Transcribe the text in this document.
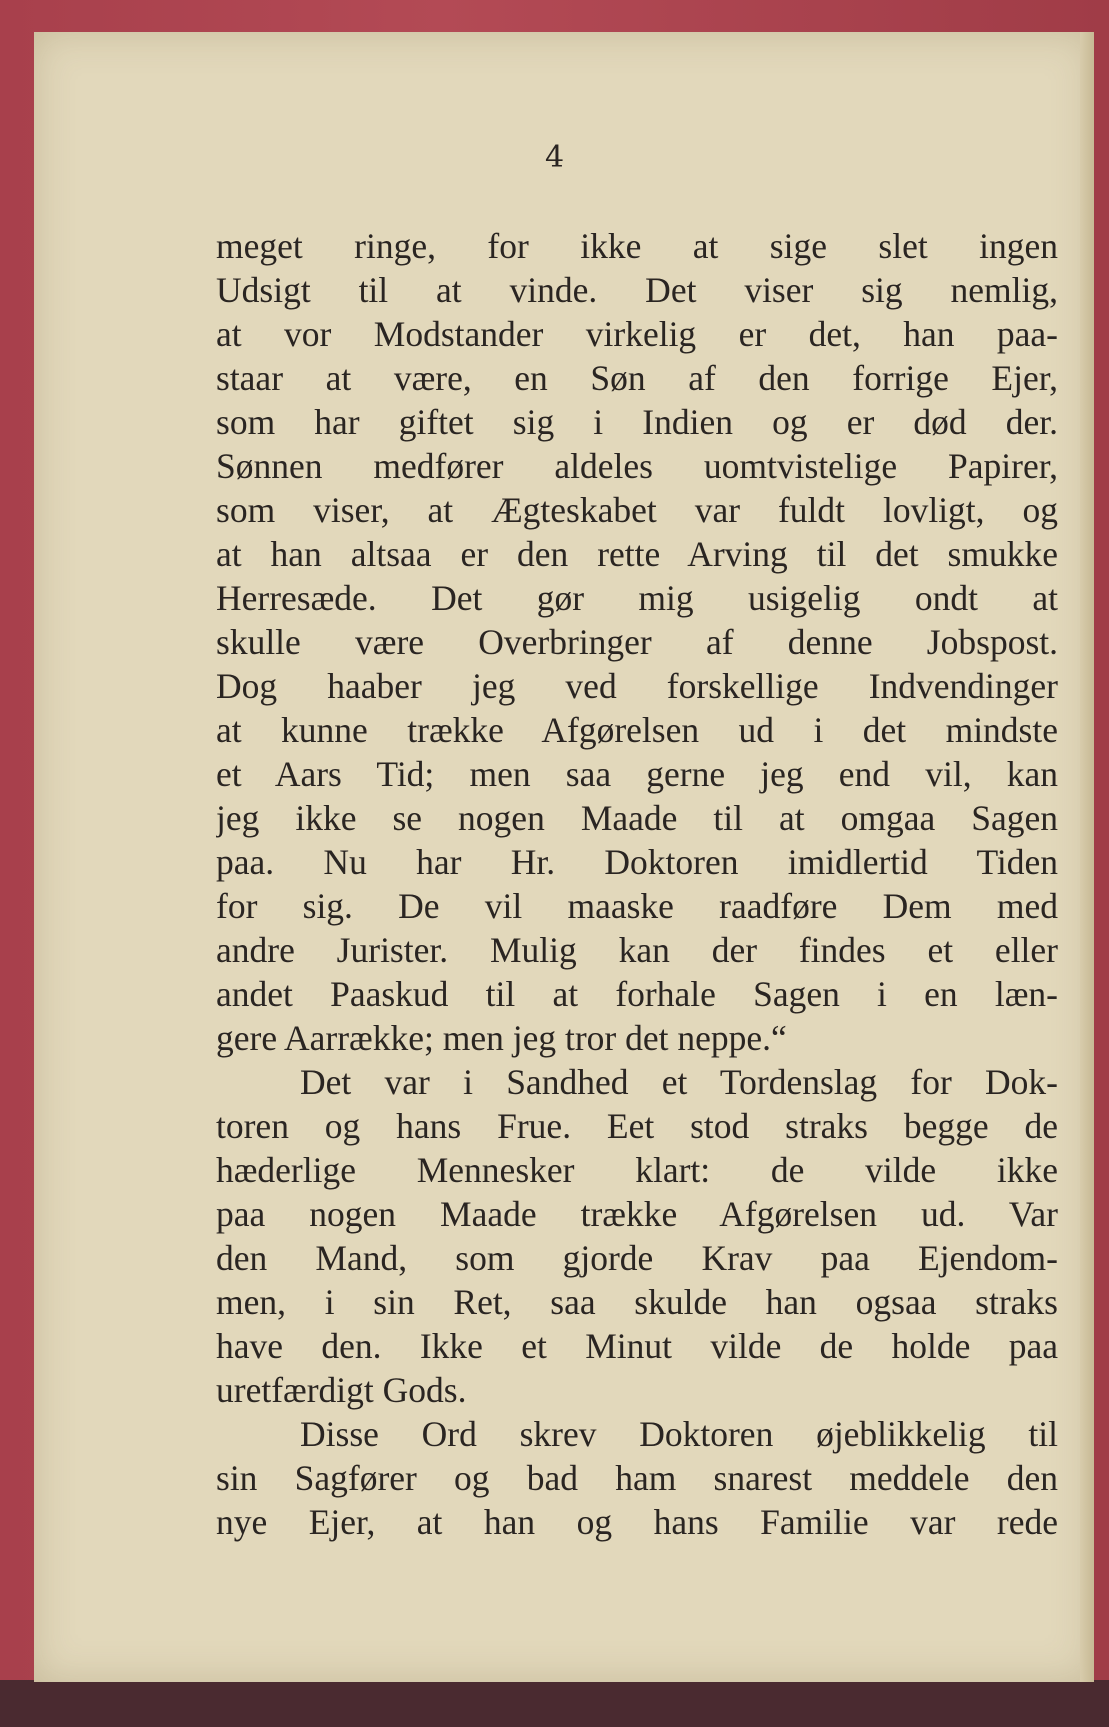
4
meget ringe, for ikke at sige slet ingen
Udsigt til at vinde. Det viser sig nemlig,
at vor Modstander virkelig er det, han paa-
staar at være, en Søn af den forrige Ejer,
som har giftet sig i Indien og er død der.
Sønnen medfører aldeles uomtvistelige Papirer,
som viser, at Ægteskabet var fuldt lovligt, og
at han altsaa er den rette Arving til det smukke
Herresæde. Det gør mig usigelig ondt at
skulle være Overbringer af denne Jobspost.
Dog haaber jeg ved forskellige Indvendinger
at kunne trække Afgørelsen ud i det mindste
et Aars Tid; men saa gerne jeg end vil, kan
jeg ikke se nogen Maade til at omgaa Sagen
paa. Nu har Hr. Doktoren imidlertid Tiden
for sig. De vil maaske raadføre Dem med
andre Jurister. Mulig kan der findes et eller
andet Paaskud til at forhale Sagen i en læn-
gere Aarrække; men jeg tror det neppe.“
Det var i Sandhed et Tordenslag for Dok-
toren og hans Frue. Eet stod straks begge de
hæderlige Mennesker klart: de vilde ikke
paa nogen Maade trække Afgørelsen ud. Var
den Mand, som gjorde Krav paa Ejendom-
men, i sin Ret, saa skulde han ogsaa straks
have den. Ikke et Minut vilde de holde paa
uretfærdigt Gods.
Disse Ord skrev Doktoren øjeblikkelig til
sin Sagfører og bad ham snarest meddele den
nye Ejer, at han og hans Familie var rede
